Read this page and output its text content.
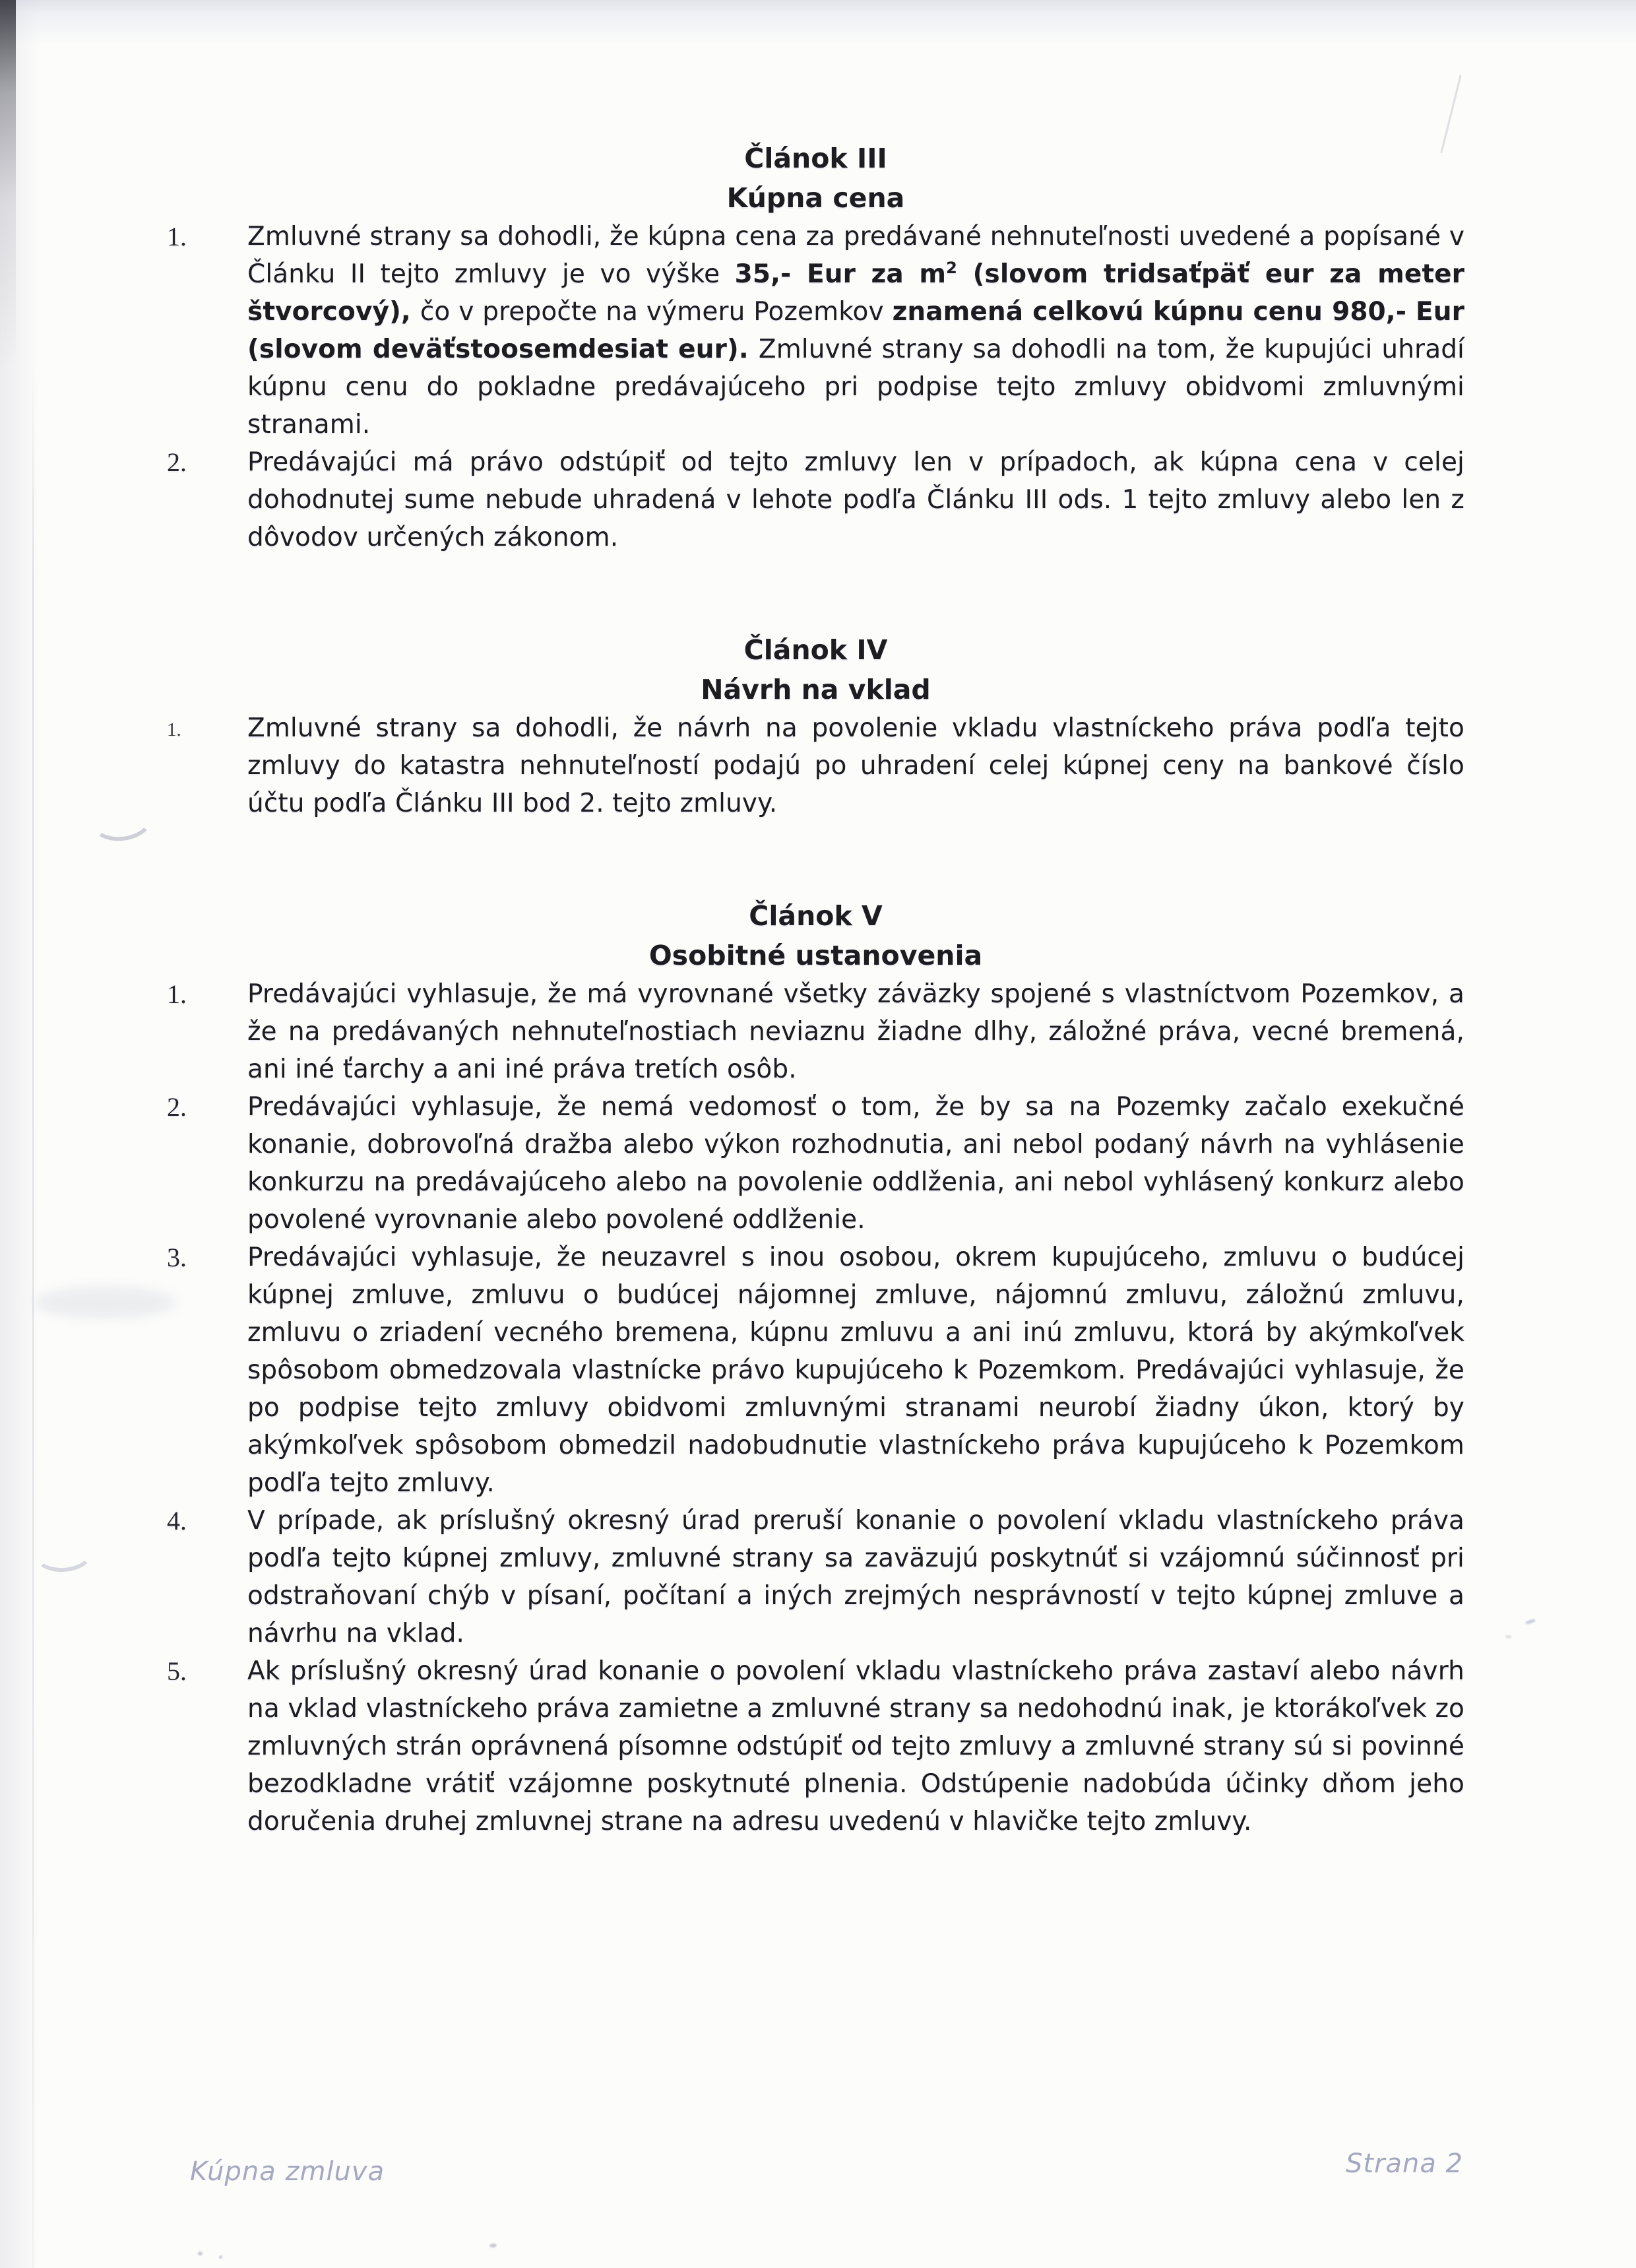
Článok III
Kúpna cena
1.	Zmluvné strany sa dohodli, že kúpna cena za predávané nehnuteľnosti uvedené a popísané v Článku II tejto zmluvy je vo výške 35,- Eur za $m^2$ (slovom tridsaťpäť eur za meter štvorcový), čo v prepočte na výmeru Pozemkov znamená celkovú kúpnu cenu 980,- Eur (slovom deväťstoosemdesiat eur). Zmluvné strany sa dohodli na tom, že kupujúci uhradí kúpnu cenu do pokladne predávajúceho pri podpise tejto zmluvy obidvomi zmluvnými stranami.
2.	Predávajúci má právo odstúpiť od tejto zmluvy len v prípadoch, ak kúpna cena v celej dohodnutej sume nebude uhradená v lehote podľa Článku III ods. 1 tejto zmluvy alebo len z dôvodov určených zákonom.
Článok IV
Návrh na vklad
1.	Zmluvné strany sa dohodli, že návrh na povolenie vkladu vlastníckeho práva podľa tejto zmluvy do katastra nehnuteľností podajú po uhradení celej kúpnej ceny na bankové číslo účtu podľa Článku III bod 2. tejto zmluvy.
Článok V
Osobitné ustanovenia
1.	Predávajúci vyhlasuje, že má vyrovnané všetky záväzky spojené s vlastníctvom Pozemkov, a že na predávaných nehnuteľnostiach neviaznu žiadne dlhy, záložné práva, vecné bremená, ani iné ťarchy a ani iné práva tretích osôb.
2.	Predávajúci vyhlasuje, že nemá vedomosť o tom, že by sa na Pozemky začalo exekučné konanie, dobrovoľná dražba alebo výkon rozhodnutia, ani nebol podaný návrh na vyhlásenie konkurzu na predávajúceho alebo na povolenie oddlženia, ani nebol vyhlásený konkurz alebo povolené vyrovnanie alebo povolené oddlženie.
3.	Predávajúci vyhlasuje, že neuzavrel s inou osobou, okrem kupujúceho, zmluvu o budúcej kúpnej zmluve, zmluvu o budúcej nájomnej zmluve, nájomnú zmluvu, záložnú zmluvu, zmluvu o zriadení vecného bremena, kúpnu zmluvu a ani inú zmluvu, ktorá by akýmkoľvek spôsobom obmedzovala vlastnícke právo kupujúceho k Pozemkom. Predávajúci vyhlasuje, že po podpise tejto zmluvy obidvomi zmluvnými stranami neurobí žiadny úkon, ktorý by akýmkoľvek spôsobom obmedzil nadobudnutie vlastníckeho práva kupujúceho k Pozemkom podľa tejto zmluvy.
4.	V prípade, ak príslušný okresný úrad preruší konanie o povolení vkladu vlastníckeho práva podľa tejto kúpnej zmluvy, zmluvné strany sa zaväzujú poskytnúť si vzájomnú súčinnosť pri odstraňovaní chýb v písaní, počítaní a iných zrejmých nesprávností v tejto kúpnej zmluve a návrhu na vklad.
5.	Ak príslušný okresný úrad konanie o povolení vkladu vlastníckeho práva zastaví alebo návrh na vklad vlastníckeho práva zamietne a zmluvné strany sa nedohodnú inak, je ktorákoľvek zo zmluvných strán oprávnená písomne odstúpiť od tejto zmluvy a zmluvné strany sú si povinné bezodkladne vrátiť vzájomne poskytnuté plnenia. Odstúpenie nadobúda účinky dňom jeho doručenia druhej zmluvnej strane na adresu uvedenú v hlavičke tejto zmluvy.
Kúpna zmluva	Strana 2
